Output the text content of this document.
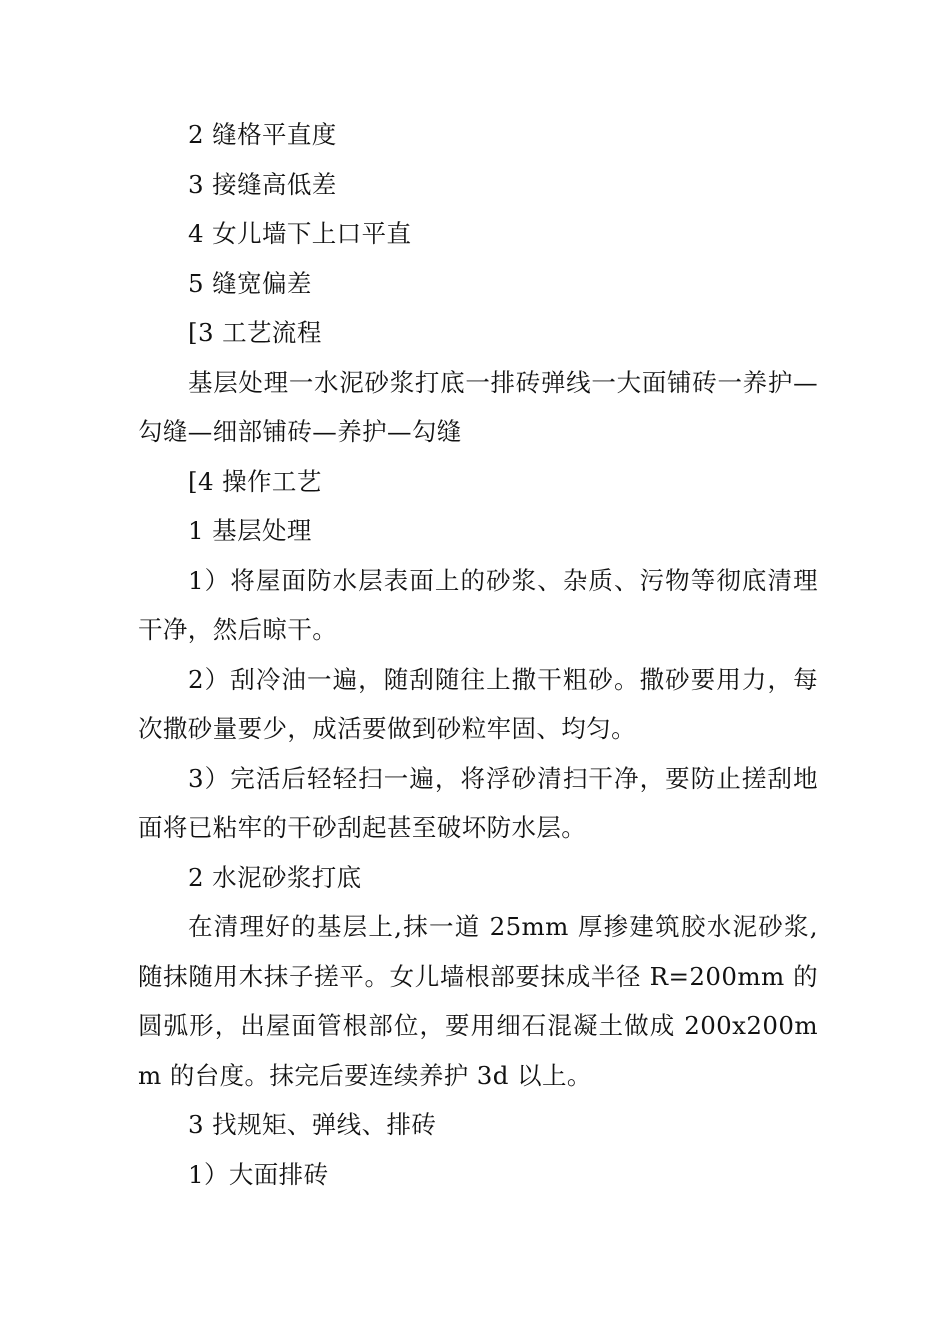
2 缝格平直度

3 接缝高低差

4 女儿墙下上口平直

5 缝宽偏差

[3 工艺流程

基层处理一水泥砂浆打底一排砖弹线一大面铺砖一养护—勾缝—细部铺砖—养护—勾缝

[4 操作工艺

1 基层处理

1）将屋面防水层表面上的砂浆、杂质、污物等彻底清理干净，然后晾干。

2）刮冷油一遍，随刮随往上撒干粗砂。撒砂要用力，每次撒砂量要少，成活要做到砂粒牢固、均匀。

3）完活后轻轻扫一遍，将浮砂清扫干净，要防止搓刮地面将已粘牢的干砂刮起甚至破坏防水层。

2 水泥砂浆打底

在清理好的基层上,抹一道 25mm 厚掺建筑胶水泥砂浆,随抹随用木抹子搓平。女儿墙根部要抹成半径 R=200mm 的圆弧形，出屋面管根部位，要用细石混凝土做成 200x200mm 的台度。抹完后要连续养护 3d 以上。

3 找规矩、弹线、排砖

1）大面排砖
